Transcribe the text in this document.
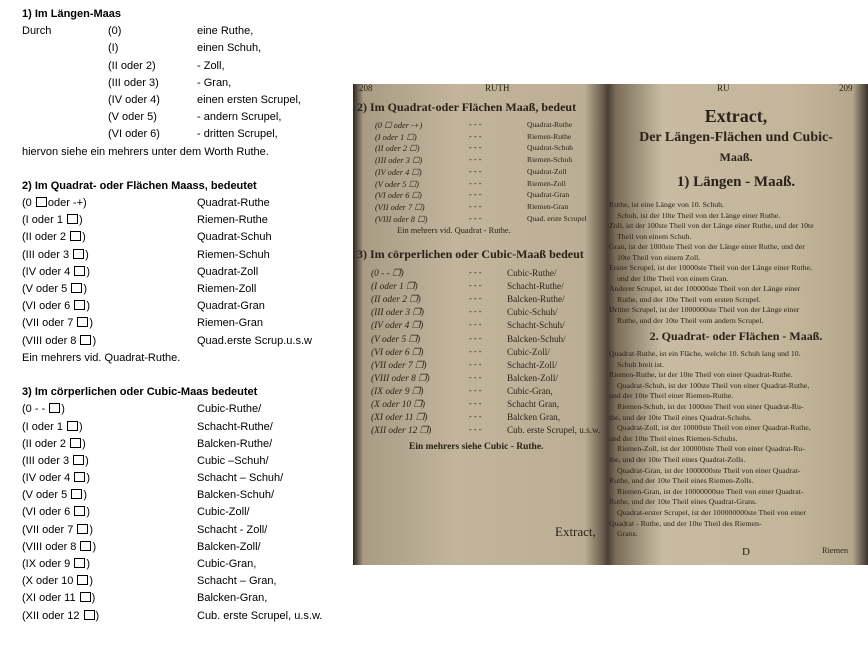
1) Im Längen-Maas
Durch	(0)	eine Ruthe,
(I)	einen Schuh,
(II oder 2)	- Zoll,
(III oder 3)	- Gran,
(IV oder 4)	einen ersten Scrupel,
(V oder 5)	- andern Scrupel,
(VI oder 6)	- dritten Scrupel,
hiervon siehe ein mehrers unter dem Worth Ruthe.
2) Im Quadrat- oder Flächen Maass, bedeutet
(0 oder -+)	Quadrat-Ruthe
(I oder 1 )	Riemen-Ruthe
(II oder 2 )	Quadrat-Schuh
(III oder 3 )	Riemen-Schuh
(IV oder 4 )	Quadrat-Zoll
(V oder 5 )	Riemen-Zoll
(VI oder 6 )	Quadrat-Gran
(VII oder 7 )	Riemen-Gran
(VIII oder 8 )	Quad.erste Scrup.u.s.w
Ein mehrers vid. Quadrat-Ruthe.
3) Im cörperlichen oder Cubic-Maas bedeutet
(0 - - )	Cubic-Ruthe/
(I oder 1 )	Schacht-Ruthe/
(II oder 2 )	Balcken-Ruthe/
(III oder 3 )	Cubic –Schuh/
(IV oder 4 )	Schacht – Schuh/
(V oder 5 )	Balcken-Schuh/
(VI oder 6 )	Cubic-Zoll/
(VII oder 7 )	Schacht - Zoll/
(VIII oder 8 )	Balcken-Zoll/
(IX oder 9 )	Cubic-Gran,
(X oder 10 )	Schacht – Gran,
(XI oder 11 )	Balcken-Gran,
(XII oder 12 )	Cub. erste Scrupel, u.s.w.
208	RUTH
2) Im Quadrat-oder Flächen Maaß, bedeut
(0 ☐ oder -+)	- - -	Quadrat-Ruthe
(I oder 1 ☐)	- - -	Riemen-Ruthe
(II oder 2 ☐)	- - -	Quadrat-Schuh
(III oder 3 ☐)	- - -	Riemen-Schuh
(IV oder 4 ☐)	- - -	Quadrat-Zoll
(V oder 5 ☐)	- - -	Riemen-Zoll
(VI oder 6 ☐)	- - -	Quadrat-Gran
(VII oder 7 ☐)	- - -	Riemen-Gran
(VIII oder 8 ☐)	- - -	Quad. erste Scrupel
Ein mehrers vid. Quadrat - Ruthe.
3) Im cörperlichen oder Cubic-Maaß bedeut
(0 - - ❒)	- - -	Cubic-Ruthe/
(I oder 1 ❒)	- - -	Schacht-Ruthe/
(II oder 2 ❒)	- - -	Balcken-Ruthe/
(III oder 3 ❒)	- - -	Cubic-Schuh/
(IV oder 4 ❒)	- - -	Schacht-Schuh/
(V oder 5 ❒)	- - -	Balcken-Schuh/
(VI oder 6 ❒)	- - -	Cubic-Zoll/
(VII oder 7 ❒)	- - -	Schacht-Zoll/
(VIII oder 8 ❒)	- - -	Balcken-Zoll/
(IX oder 9 ❒)	- - -	Cubic-Gran,
(X oder 10 ❒)	- - -	Schacht Gran,
(XI oder 11 ❒)	- - -	Balcken Gran,
(XII oder 12 ❒)	- - -	Cub. erste Scrupel, u.s.w.
Ein mehrers siehe Cubic - Ruthe.
Extract,
RU	209
Extract,
Der Längen-Flächen und Cubic-
Maaß.
1) Längen - Maaß.
Ruthe, ist eine Länge von 10. Schuh.
Schuh, ist der 10te Theil von der Länge einer Ruthe.
Zoll, ist der 100ste Theil von der Länge einer Ruthe, und der 10te
Theil von einem Schuh.
Gran, ist der 1000ste Theil von der Länge einer Ruthe, und der
10te Theil von einem Zoll.
Erster Scrupel, ist der 10000ste Theil von der Länge einer Ruthe,
und der 10te Theil von einem Gran.
Anderer Scrupel, ist der 100000ste Theil von der Länge einer
Ruthe, und der 10te Theil vom ersten Scrupel.
Dritter Scrupel, ist der 1000000ste Theil von der Länge einer
Ruthe, und der 10te Theil vom andern Scrupel.
2. Quadrat- oder Flächen - Maaß.
Quadrat-Ruthe, ist ein Fläche, welche 10. Schuh lang und 10.
Schuh breit ist.
Riemen-Ruthe, ist der 10te Theil von einer Quadrat-Ruthe.
Quadrat-Schuh, ist der 100ste Theil von einer Quadrat-Ruthe,
und der 10te Theil einer Riemen-Ruthe.
Riemen-Schuh, ist der 1000ste Theil von einer Quadrat-Ru-
the, und der 10te Theil eines Quadrat-Schuhs.
Quadrat-Zoll, ist der 10000ste Theil von einer Quadrat-Ruthe,
und der 10te Theil eines Riemen-Schuhs.
Riemen-Zoll, ist der 100000ste Theil von einer Quadrat-Ru-
the, und der 10te Theil eines Quadrat-Zolls.
Quadrat-Gran, ist der 1000000ste Theil von einer Quadrat-
Ruthe, und der 10te Theil eines Riemen-Zolls.
Riemen-Gran, ist der 10000000ste Theil von einer Quadrat-
Ruthe, und der 10te Theil eines Quadrat-Grans.
Quadrat-erster Scrupel, ist der 100000000ste Theil von einer
Quadrat - Ruthe, und der 10te Theil des Riemen-
Grans.
D	Riemen
